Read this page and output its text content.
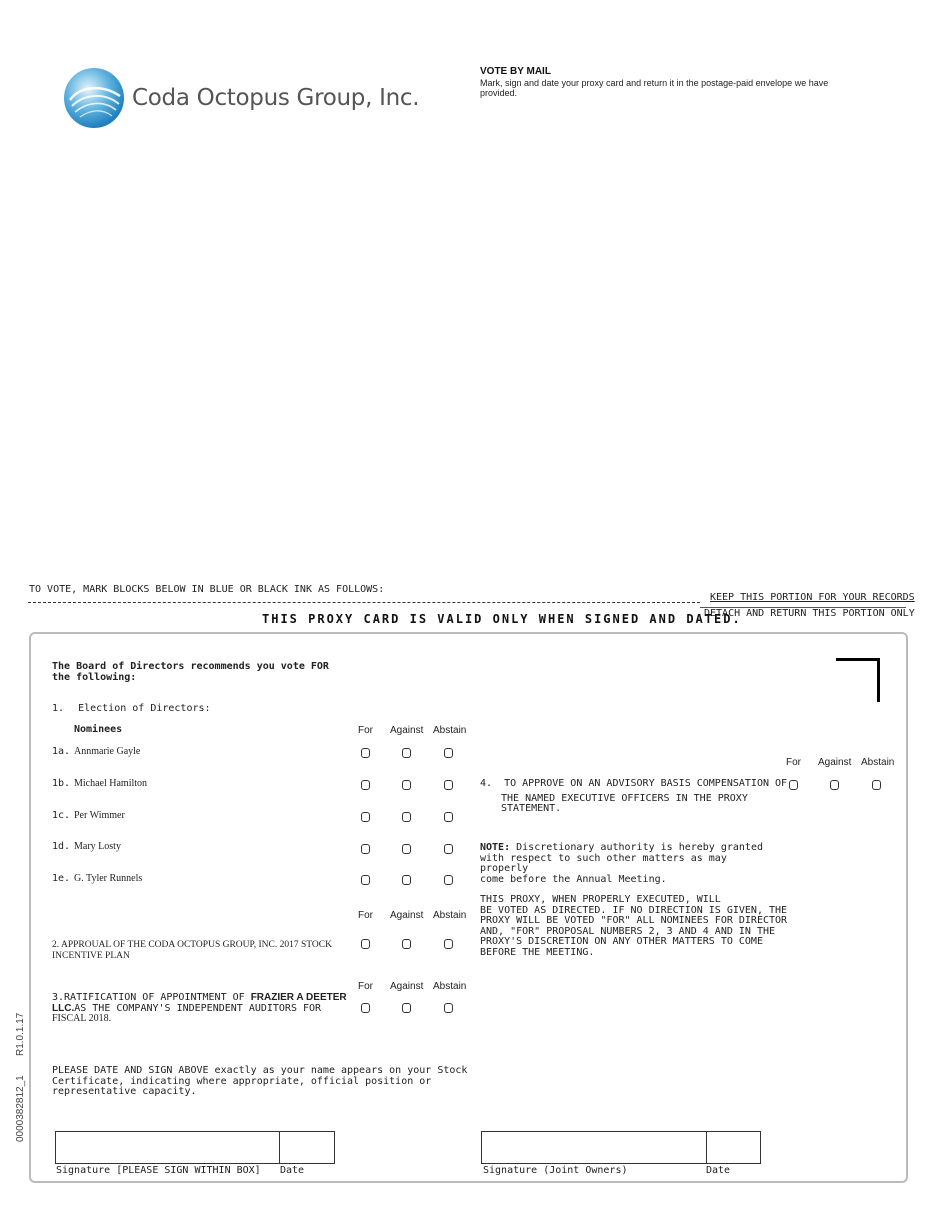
Coda Octopus Group, Inc.
VOTE BY MAIL
Mark, sign and date your proxy card and return it in the postage-paid envelope we have provided.
TO VOTE, MARK BLOCKS BELOW IN BLUE OR BLACK INK AS FOLLOWS:
KEEP THIS PORTION FOR YOUR RECORDS
DETACH AND RETURN THIS PORTION ONLY
THIS PROXY CARD IS VALID ONLY WHEN SIGNED AND DATED.
The Board of Directors recommends you vote FOR
the following:
1. Election of Directors:
Nominees	For Against Abstain
1a. Annmarie Gayle
1b. Michael Hamilton
1c. Per Wimmer
1d. Mary Losty
1e. G. Tyler Runnels
For Against Abstain
2. APPROUAL OF THE CODA OCTOPUS GROUP, INC. 2017 STOCK
INCENTIVE PLAN
For Against Abstain
3.RATIFICATION OF APPOINTMENT OF FRAZIER A DEETER
LLC.AS THE COMPANY'S INDEPENDENT AUDITORS FOR
FISCAL 2018.
For Against Abstain
4. TO APPROVE ON AN ADVISORY BASIS COMPENSATION OF
THE NAMED EXECUTIVE OFFICERS IN THE PROXY
STATEMENT.
NOTE: Discretionary authority is hereby granted
with respect to such other matters as may properly
come before the Annual Meeting.
THIS PROXY, WHEN PROPERLY EXECUTED, WILL
BE VOTED AS DIRECTED. IF NO DIRECTION IS GIVEN, THE
PROXY WILL BE VOTED "FOR" ALL NOMINEES FOR DIRECTOR
AND, "FOR" PROPOSAL NUMBERS 2, 3 AND 4 AND IN THE
PROXY'S DISCRETION ON ANY OTHER MATTERS TO COME
BEFORE THE MEETING.
PLEASE DATE AND SIGN ABOVE exactly as your name appears on your Stock
Certificate, indicating where appropriate, official position or
representative capacity.
Signature [PLEASE SIGN WITHIN BOX] Date	Signature (Joint Owners)	Date
0000382812_1
R1.0.1.17
